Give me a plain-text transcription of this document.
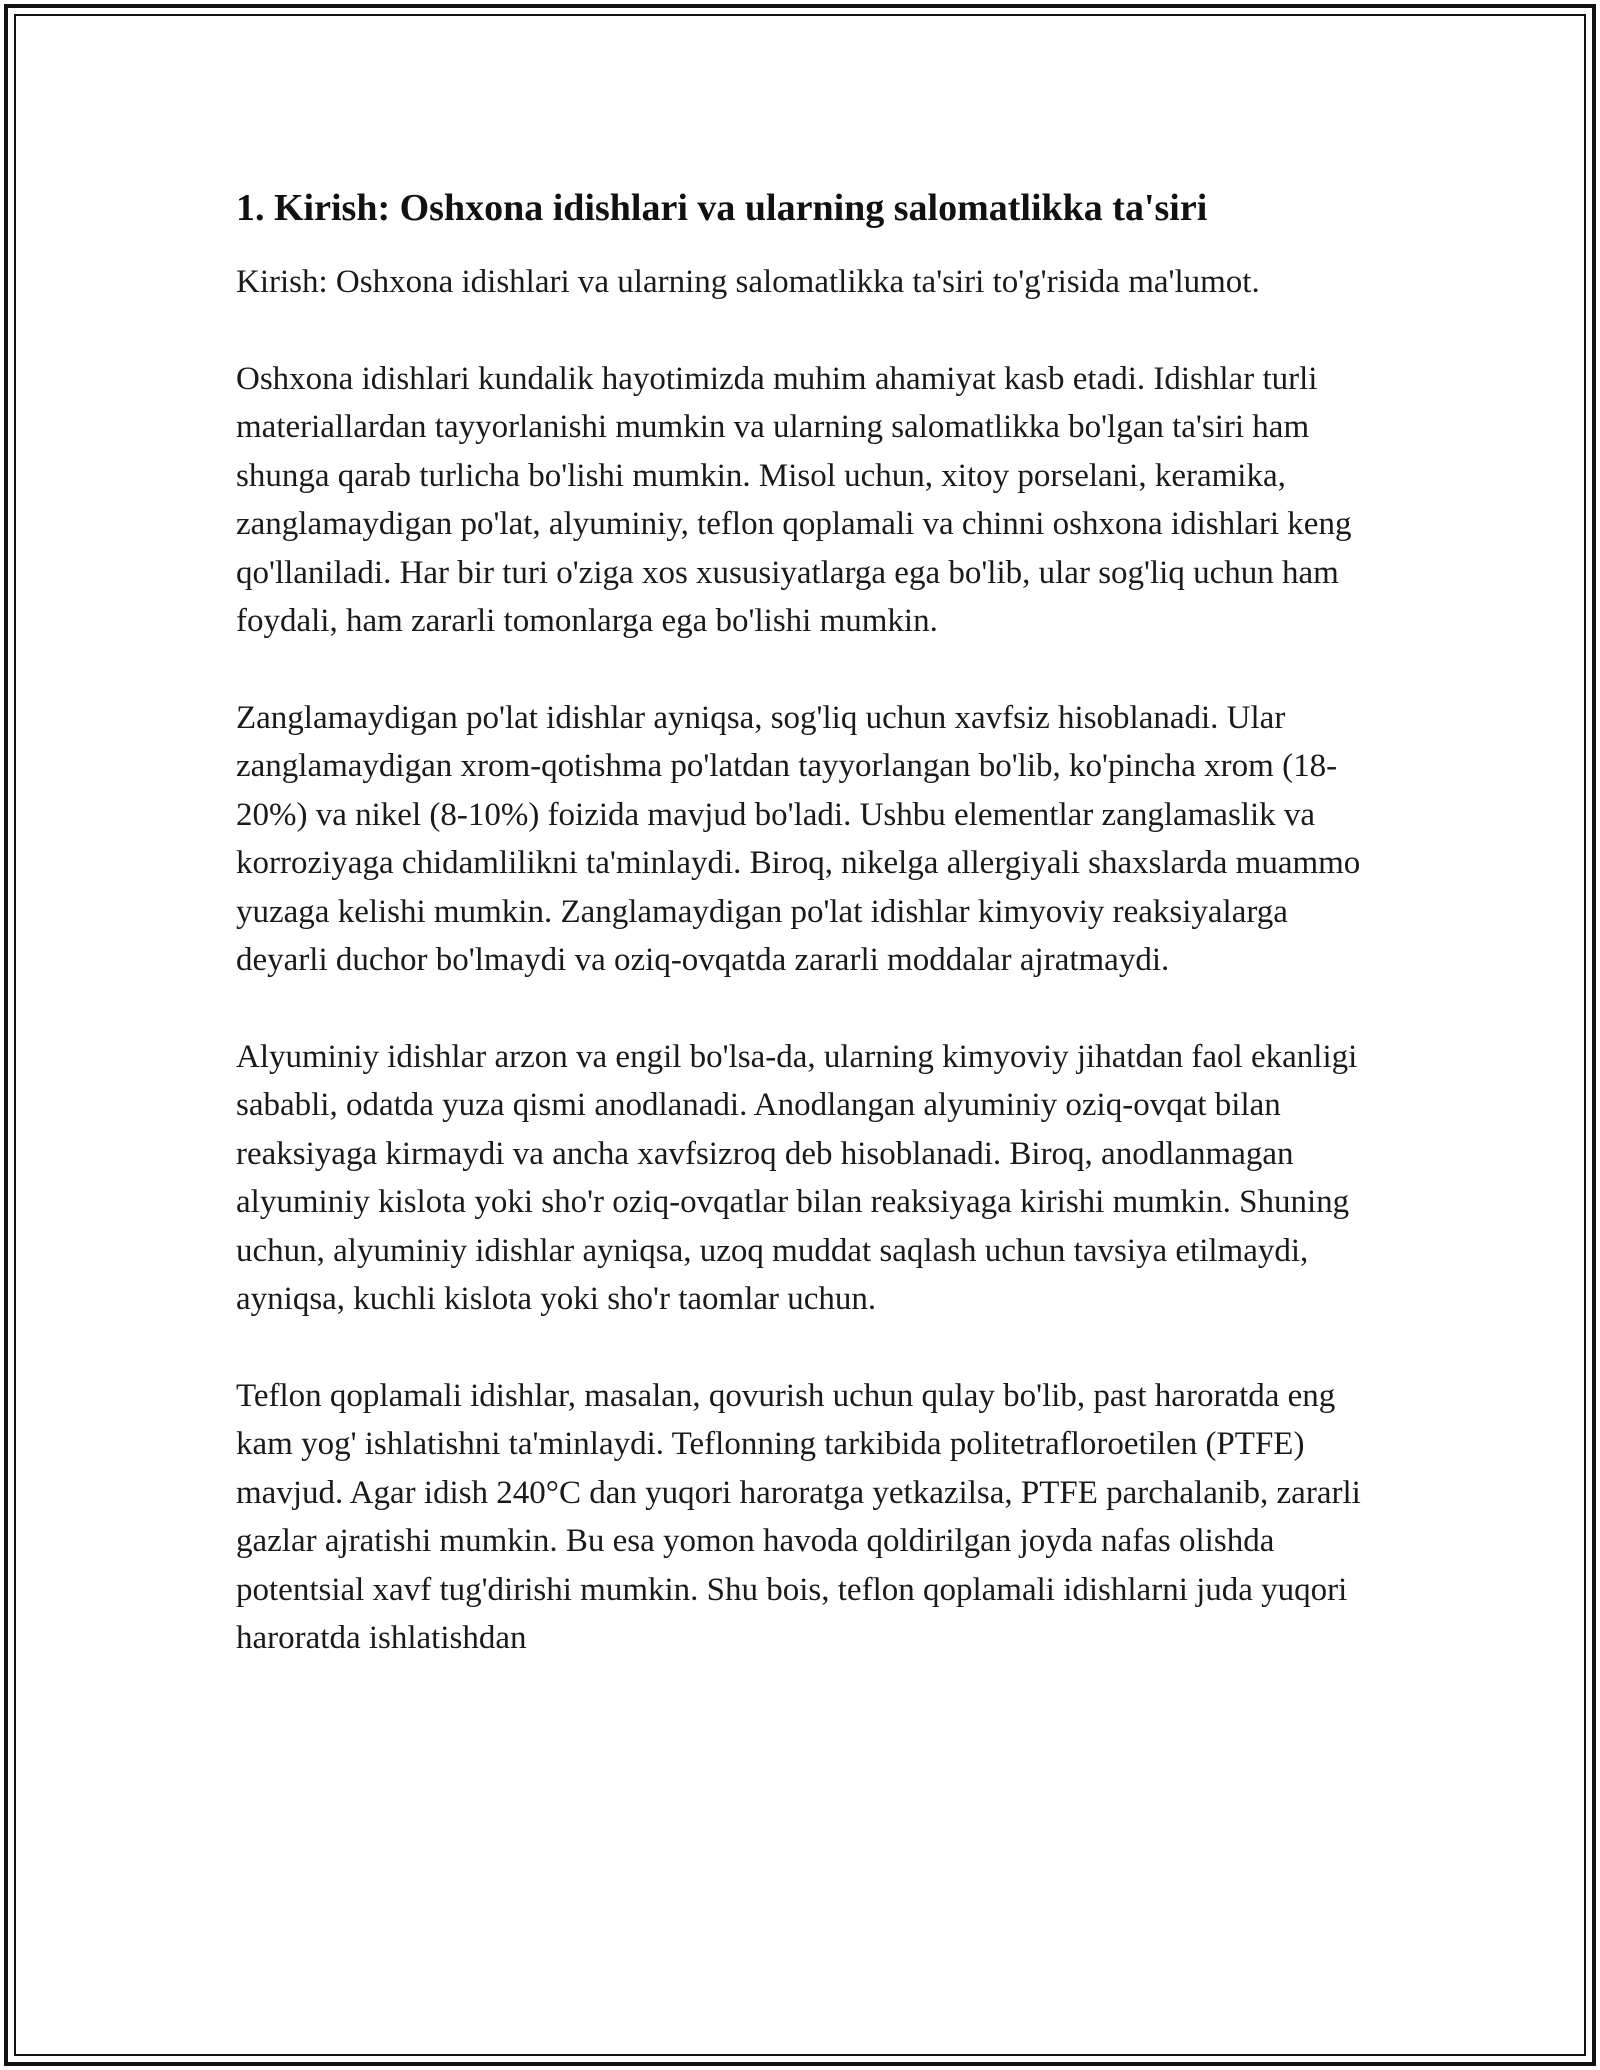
1. Kirish: Oshxona idishlari va ularning salomatlikka ta'siri

Kirish: Oshxona idishlari va ularning salomatlikka ta'siri to'g'risida ma'lumot.

Oshxona idishlari kundalik hayotimizda muhim ahamiyat kasb etadi. Idishlar turli materiallardan tayyorlanishi mumkin va ularning salomatlikka bo'lgan ta'siri ham shunga qarab turlicha bo'lishi mumkin. Misol uchun, xitoy porselani, keramika, zanglamaydigan po'lat, alyuminiy, teflon qoplamali va chinni oshxona idishlari keng qo'llaniladi. Har bir turi o'ziga xos xususiyatlarga ega bo'lib, ular sog'liq uchun ham foydali, ham zararli tomonlarga ega bo'lishi mumkin.

Zanglamaydigan po'lat idishlar ayniqsa, sog'liq uchun xavfsiz hisoblanadi. Ular zanglamaydigan xrom-qotishma po'latdan tayyorlangan bo'lib, ko'pincha xrom (18-20%) va nikel (8-10%) foizida mavjud bo'ladi. Ushbu elementlar zanglamaslik va korroziyaga chidamlilikni ta'minlaydi. Biroq, nikelga allergiyali shaxslarda muammo yuzaga kelishi mumkin. Zanglamaydigan po'lat idishlar kimyoviy reaksiyalarga deyarli duchor bo'lmaydi va oziq-ovqatda zararli moddalar ajratmaydi.

Alyuminiy idishlar arzon va engil bo'lsa-da, ularning kimyoviy jihatdan faol ekanligi sababli, odatda yuza qismi anodlanadi. Anodlangan alyuminiy oziq-ovqat bilan reaksiyaga kirmaydi va ancha xavfsizroq deb hisoblanadi. Biroq, anodlanmagan alyuminiy kislota yoki sho'r oziq-ovqatlar bilan reaksiyaga kirishi mumkin. Shuning uchun, alyuminiy idishlar ayniqsa, uzoq muddat saqlash uchun tavsiya etilmaydi, ayniqsa, kuchli kislota yoki sho'r taomlar uchun.

Teflon qoplamali idishlar, masalan, qovurish uchun qulay bo'lib, past haroratda eng kam yog' ishlatishni ta'minlaydi. Teflonning tarkibida politetrafloroetilen (PTFE) mavjud. Agar idish 240°C dan yuqori haroratga yetkazilsa, PTFE parchalanib, zararli gazlar ajratishi mumkin. Bu esa yomon havoda qoldirilgan joyda nafas olishda potentsial xavf tug'dirishi mumkin. Shu bois, teflon qoplamali idishlarni juda yuqori haroratda ishlatishdan
